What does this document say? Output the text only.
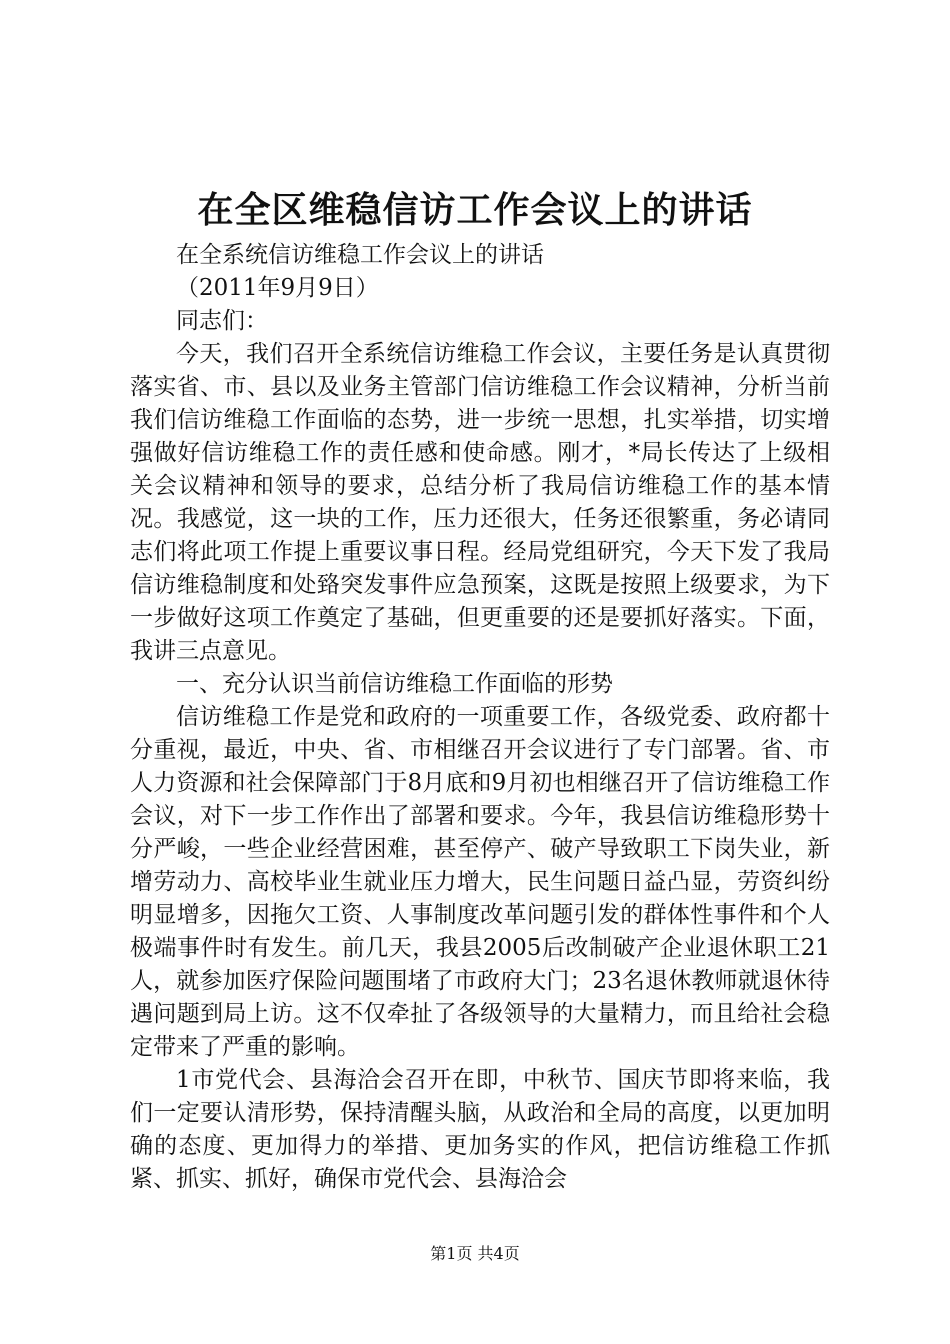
在全区维稳信访工作会议上的讲话

在全系统信访维稳工作会议上的讲话

（2011年9月9日）

同志们：

今天，我们召开全系统信访维稳工作会议，主要任务是认真贯彻落实省、市、县以及业务主管部门信访维稳工作会议精神，分析当前我们信访维稳工作面临的态势，进一步统一思想，扎实举措，切实增强做好信访维稳工作的责任感和使命感。刚才，*局长传达了上级相关会议精神和领导的要求，总结分析了我局信访维稳工作的基本情况。我感觉，这一块的工作，压力还很大，任务还很繁重，务必请同志们将此项工作提上重要议事日程。经局党组研究，今天下发了我局信访维稳制度和处臵突发事件应急预案，这既是按照上级要求，为下一步做好这项工作奠定了基础，但更重要的还是要抓好落实。下面，我讲三点意见。

一、充分认识当前信访维稳工作面临的形势

信访维稳工作是党和政府的一项重要工作，各级党委、政府都十分重视，最近，中央、省、市相继召开会议进行了专门部署。省、市人力资源和社会保障部门于8月底和9月初也相继召开了信访维稳工作会议，对下一步工作作出了部署和要求。今年，我县信访维稳形势十分严峻，一些企业经营困难，甚至停产、破产导致职工下岗失业，新增劳动力、高校毕业生就业压力增大，民生问题日益凸显，劳资纠纷明显增多，因拖欠工资、人事制度改革问题引发的群体性事件和个人极端事件时有发生。前几天，我县2005后改制破产企业退休职工21人，就参加医疗保险问题围堵了市政府大门；23名退休教师就退休待遇问题到局上访。这不仅牵扯了各级领导的大量精力，而且给社会稳定带来了严重的影响。

1市党代会、县海洽会召开在即，中秋节、国庆节即将来临，我们一定要认清形势，保持清醒头脑，从政治和全局的高度，以更加明确的态度、更加得力的举措、更加务实的作风，把信访维稳工作抓紧、抓实、抓好，确保市党代会、县海洽会

第1页 共4页
